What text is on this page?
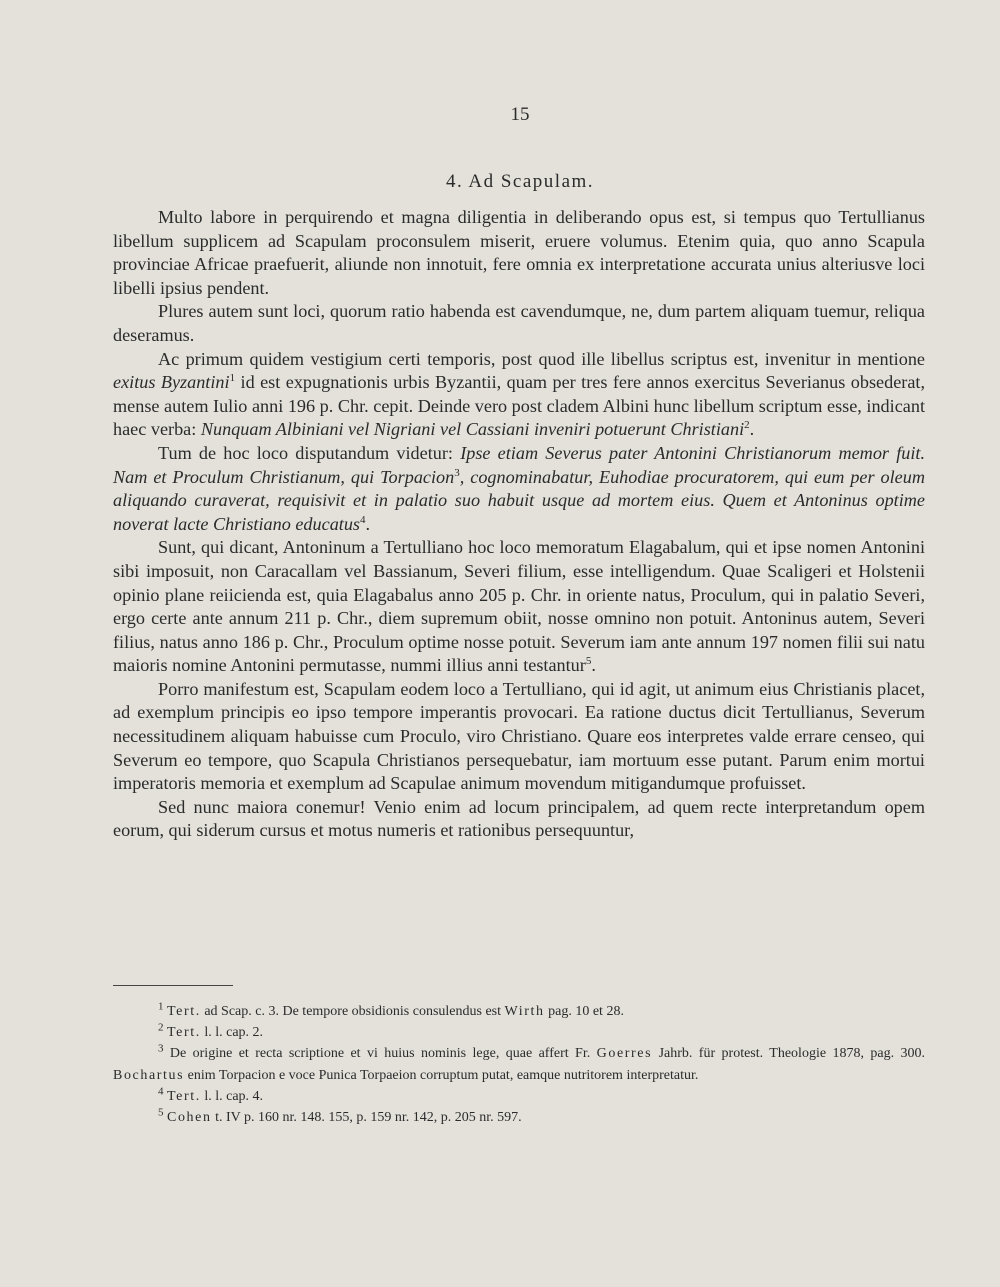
15
4. Ad Scapulam.

Multo labore in perquirendo et magna diligentia in deliberando opus est, si tempus quo Tertullianus libellum supplicem ad Scapulam proconsulem miserit, eruere volumus. Etenim quia, quo anno Scapula provinciae Africae praefuerit, aliunde non innotuit, fere omnia ex interpretatione accurata unius alteriusve loci libelli ipsius pendent.

Plures autem sunt loci, quorum ratio habenda est cavendumque, ne, dum partem aliquam tuemur, reliqua deseramus.

Ac primum quidem vestigium certi temporis, post quod ille libellus scriptus est, invenitur in mentione exitus Byzantini$^1$ id est expugnationis urbis Byzantii, quam per tres fere annos exercitus Severianus obsederat, mense autem Iulio anni 196 p. Chr. cepit. Deinde vero post cladem Albini hunc libellum scriptum esse, indicant haec verba: Nunquam Albiniani vel Nigriani vel Cassiani inveniri potuerunt Christiani$^2$.

Tum de hoc loco disputandum videtur: Ipse etiam Severus pater Antonini Christianorum memor fuit. Nam et Proculum Christianum, qui Torpacion$^3$, cognominabatur, Euhodiae procuratorem, qui eum per oleum aliquando curaverat, requisivit et in palatio suo habuit usque ad mortem eius. Quem et Antoninus optime noverat lacte Christiano educatus$^4$.

Sunt, qui dicant, Antoninum a Tertulliano hoc loco memoratum Elagabalum, qui et ipse nomen Antonini sibi imposuit, non Caracallam vel Bassianum, Severi filium, esse intelligendum. Quae Scaligeri et Holstenii opinio plane reiicienda est, quia Elagabalus anno 205 p. Chr. in oriente natus, Proculum, qui in palatio Severi, ergo certe ante annum 211 p. Chr., diem supremum obiit, nosse omnino non potuit. Antoninus autem, Severi filius, natus anno 186 p. Chr., Proculum optime nosse potuit. Severum iam ante annum 197 nomen filii sui natu maioris nomine Antonini permutasse, nummi illius anni testantur$^5$.

Porro manifestum est, Scapulam eodem loco a Tertulliano, qui id agit, ut animum eius Christianis placet, ad exemplum principis eo ipso tempore imperantis provocari. Ea ratione ductus dicit Tertullianus, Severum necessitudinem aliquam habuisse cum Proculo, viro Christiano. Quare eos interpretes valde errare censeo, qui Severum eo tempore, quo Scapula Christianos persequebatur, iam mortuum esse putant. Parum enim mortui imperatoris memoria et exemplum ad Scapulae animum movendum mitigandumque profuisset.

Sed nunc maiora conemur! Venio enim ad locum principalem, ad quem recte interpretandum opem eorum, qui siderum cursus et motus numeris et rationibus persequuntur,

$^1$ Tert. ad Scap. c. 3. De tempore obsidionis consulendus est Wirth pag. 10 et 28.

$^2$ Tert. l. l. cap. 2.

$^3$ De origine et recta scriptione et vi huius nominis lege, quae affert Fr. Goerres Jahrb. für protest. Theologie 1878, pag. 300. Bochartus enim Torpacion e voce Punica Torpaeion corruptum putat, eamque nutritorem interpretatur.

$^4$ Tert. l. l. cap. 4.

$^5$ Cohen t. IV p. 160 nr. 148. 155, p. 159 nr. 142, p. 205 nr. 597.
